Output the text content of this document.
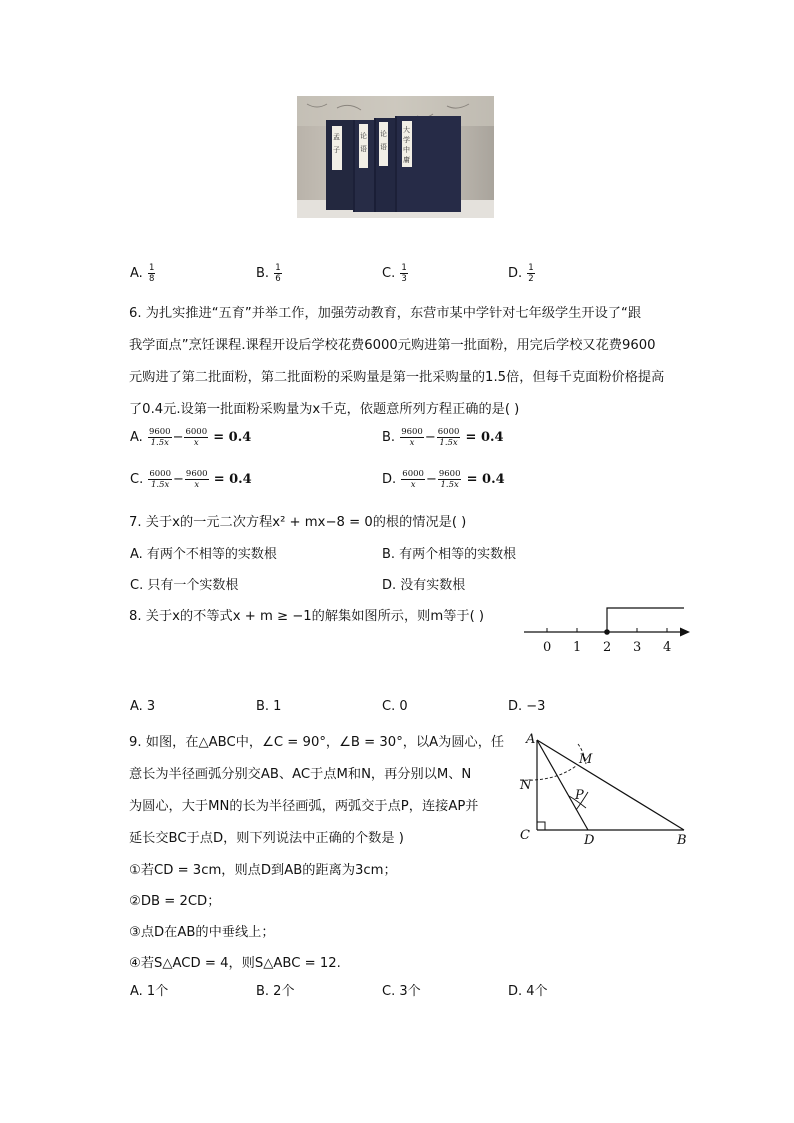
孟子
论语
论语
大学中庸
A. $\frac{1}{8}$	B. $\frac{1}{6}$	C. $\frac{1}{3}$	D. $\frac{1}{2}$
6. 为扎实推进“五育”并举工作，加强劳动教育，东营市某中学针对七年级学生开设了“跟
我学面点”烹饪课程.课程开设后学校花费6000元购进第一批面粉，用完后学校又花费9600
元购进了第二批面粉，第二批面粉的采购量是第一批采购量的1.5倍，但每千克面粉价格提高
了0.4元.设第一批面粉采购量为x千克，依题意所列方程正确的是( )
A. $\frac{9600}{1.5x} - \frac{6000}{x} = 0.4$	B. $\frac{9600}{x} - \frac{6000}{1.5x} = 0.4$
C. $\frac{6000}{1.5x} - \frac{9600}{x} = 0.4$	D. $\frac{6000}{x} - \frac{9600}{1.5x} = 0.4$
7. 关于x的一元二次方程x² + mx−8 = 0的根的情况是( )
A. 有两个不相等的实数根	B. 有两个相等的实数根
C. 只有一个实数根	D. 没有实数根
8. 关于x的不等式x + m ≥ −1的解集如图所示，则m等于( )
0 1 2 3 4
A. 3	B. 1	C. 0	D. −3
9. 如图，在△ABC中，∠C = 90°，∠B = 30°，以A为圆心，任
意长为半径画弧分别交AB、AC于点M和N，再分别以M、N
为圆心，大于MN的长为半径画弧，两弧交于点P，连接AP并
延长交BC于点D，则下列说法中正确的个数是 )
①若CD = 3cm，则点D到AB的距离为3cm；
②DB = 2CD；
③点D在AB的中垂线上；
④若S△ACD = 4，则S△ABC = 12.
A
M
N
P
C	D	B
A. 1个	B. 2个	C. 3个	D. 4个
